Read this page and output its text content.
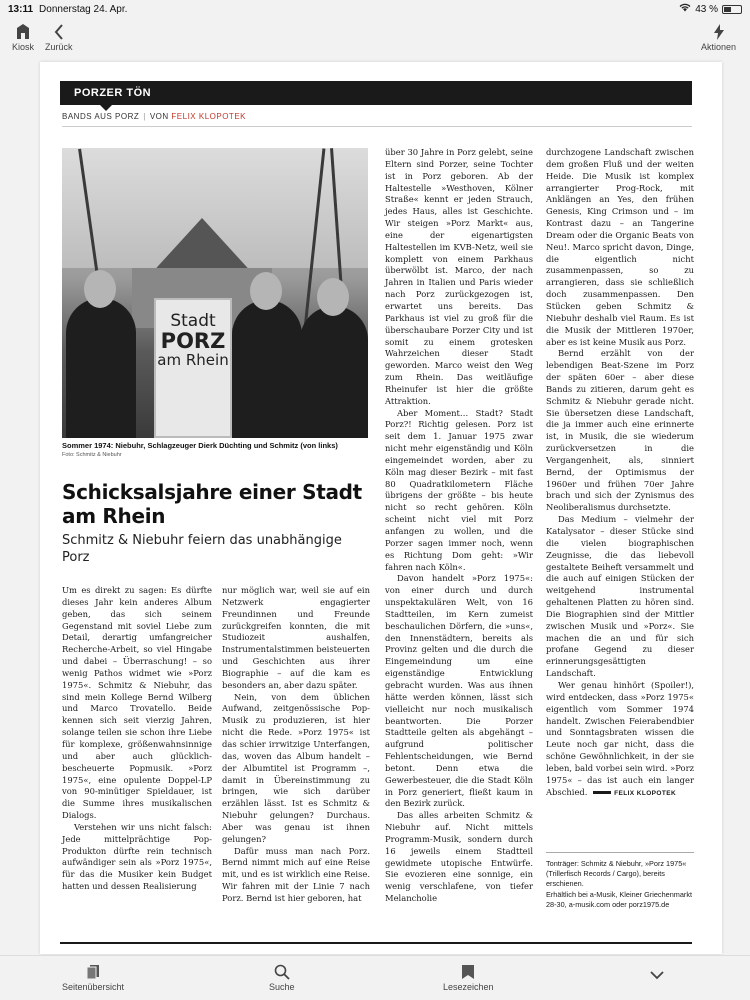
13:11 Donnerstag 24. Apr.	43 %
Kiosk Zurück	Aktionen
PORZER TÖN
BANDS AUS PORZ | VON FELIX KLOPOTEK
Stadt
PORZ
am Rhein
Sommer 1974: Niebuhr, Schlagzeuger Dierk Düchting und Schmitz (von links)
Foto: Schmitz & Niebuhr
Schicksalsjahre einer Stadt am Rhein
Schmitz & Niebuhr feiern das unabhängige Porz

Um es direkt zu sagen: Es dürfte dieses Jahr kein anderes Album geben, das sich seinem Gegenstand mit soviel Liebe zum Detail, derartig umfangreicher Recherche-Arbeit, so viel Hingabe und dabei – Überraschung! – so wenig Pathos widmet wie »Porz 1975«. Schmitz & Niebuhr, das sind mein Kollege Bernd Wilberg und Marco Trovatello. Beide kennen sich seit vierzig Jahren, solange teilen sie schon ihre Liebe für komplexe, größenwahnsinnige und aber auch glücklich-bescheuerte Popmusik. »Porz 1975«, eine opulente Doppel-LP von 90-minütiger Spieldauer, ist die Summe ihres musikalischen Dialogs.

Verstehen wir uns nicht falsch: Jede mittelprächtige Pop-Produkton dürfte rein technisch aufwändiger sein als »Porz 1975«, für das die Musiker kein Budget hatten und dessen Realisierung

nur möglich war, weil sie auf ein Netzwerk engagierter Freundinnen und Freunde zurückgreifen konnten, die mit Studiozeit aushalfen, Instrumentalstimmen beisteuerten und Geschichten aus ihrer Biographie – auf die kam es besonders an, aber dazu später.

Nein, von dem üblichen Aufwand, zeitgenössische Pop-Musik zu produzieren, ist hier nicht die Rede. »Porz 1975« ist das schier irrwitzige Unterfangen, das, woven das Album handelt – der Albumtitel ist Programm –, damit in Übereinstimmung zu bringen, wie sich darüber erzählen lässt. Ist es Schmitz & Niebuhr gelungen? Durchaus. Aber was genau ist ihnen gelungen?

Dafür muss man nach Porz. Bernd nimmt mich auf eine Reise mit, und es ist wirklich eine Reise. Wir fahren mit der Linie 7 nach Porz. Bernd ist hier geboren, hat

über 30 Jahre in Porz gelebt, seine Eltern sind Porzer, seine Tochter ist in Porz geboren. Ab der Haltestelle »Westhoven, Kölner Straße« kennt er jeden Strauch, jedes Haus, alles ist Geschichte. Wir steigen »Porz Markt« aus, eine der eigenartigsten Haltestellen im KVB-Netz, weil sie komplett von einem Parkhaus überwölbt ist. Marco, der nach Jahren in Italien und Paris wieder nach Porz zurückgezogen ist, erwartet uns bereits. Das Parkhaus ist viel zu groß für die überschaubare Porzer City und ist somit zu einem grotesken Wahrzeichen dieser Stadt geworden. Marco weist den Weg zum Rhein. Das weitläufige Rheinufer ist hier die größte Attraktion.

Aber Moment… Stadt? Stadt Porz?! Richtig gelesen. Porz ist seit dem 1. Januar 1975 zwar nicht mehr eigenständig und Köln eingemeindet worden, aber zu Köln mag dieser Bezirk – mit fast 80 Quadratkilometern Fläche übrigens der größte – bis heute nicht so recht gehören. Köln scheint nicht viel mit Porz anfangen zu wollen, und die Porzer sagen immer noch, wenn es Richtung Dom geht: »Wir fahren nach Köln«.

Davon handelt »Porz 1975«: von einer durch und durch unspektakulären Welt, von 16 Stadtteilen, im Kern zumeist beschaulichen Dörfern, die »uns«, den Innenstädtern, bereits als Provinz gelten und die durch die Eingemeindung um eine eigenständige Entwicklung gebracht wurden. Was aus ihnen hätte werden können, lässt sich vielleicht nur noch musikalisch beantworten. Die Porzer Stadtteile gelten als abgehängt – aufgrund politischer Fehlentscheidungen, wie Bernd betont. Denn etwa die Gewerbesteuer, die die Stadt Köln in Porz generiert, fließt kaum in den Bezirk zurück.

Das alles arbeiten Schmitz & Niebuhr auf. Nicht mittels Programm-Musik, sondern durch 16 jeweils einem Stadtteil gewidmete utopische Entwürfe. Sie evozieren eine sonnige, ein wenig verschlafene, von tiefer Melancholie

durchzogene Landschaft zwischen dem großen Fluß und der weiten Heide. Die Musik ist komplex arrangierter Prog-Rock, mit Anklängen an Yes, den frühen Genesis, King Crimson und – im Kontrast dazu – an Tangerine Dream oder die Organic Beats von Neu!. Marco spricht davon, Dinge, die eigentlich nicht zusammenpassen, so zu arrangieren, dass sie schließlich doch zusammenpassen. Den Stücken geben Schmitz & Niebuhr deshalb viel Raum. Es ist die Musik der Mittleren 1970er, aber es ist keine Musik aus Porz.

Bernd erzählt von der lebendigen Beat-Szene im Porz der späten 60er – aber diese Bands zu zitieren, darum geht es Schmitz & Niebuhr gerade nicht. Sie übersetzen diese Landschaft, die ja immer auch eine erinnerte ist, in Musik, die sie wiederum zurückversetzen in die Vergangenheit, als, sinniert Bernd, der Optimismus der 1960er und frühen 70er Jahre brach und sich der Zynismus des Neoliberalismus durchsetzte.

Das Medium – vielmehr der Katalysator – dieser Stücke sind die vielen biographischen Zeugnisse, die das liebevoll gestaltete Beiheft versammelt und die auch auf einigen Stücken der weitgehend instrumental gehaltenen Platten zu hören sind. Die Biographien sind der Mittler zwischen Musik und »Porz«. Sie machen die an und für sich profane Gegend zu dieser erinnerungsgesättigten Landschaft.

Wer genau hinhört (Spoiler!), wird entdecken, dass »Porz 1975« eigentlich vom Sommer 1974 handelt. Zwischen Feierabendbier und Sonntagsbraten wissen die Leute noch gar nicht, dass die schöne Gewöhnlichkeit, in der sie leben, bald vorbei sein wird. »Porz 1975« – das ist auch ein langer Abschied.	FELIX KLOPOTEK

Tonträger: Schmitz & Niebuhr, »Porz 1975« (Trillerfisch Records / Cargo), bereits erschienen.
Erhältlich bei a-Musik, Kleiner Griechenmarkt 28-30, a-musik.com oder porz1975.de
Seitenübersicht	Suche	Lesezeichen
